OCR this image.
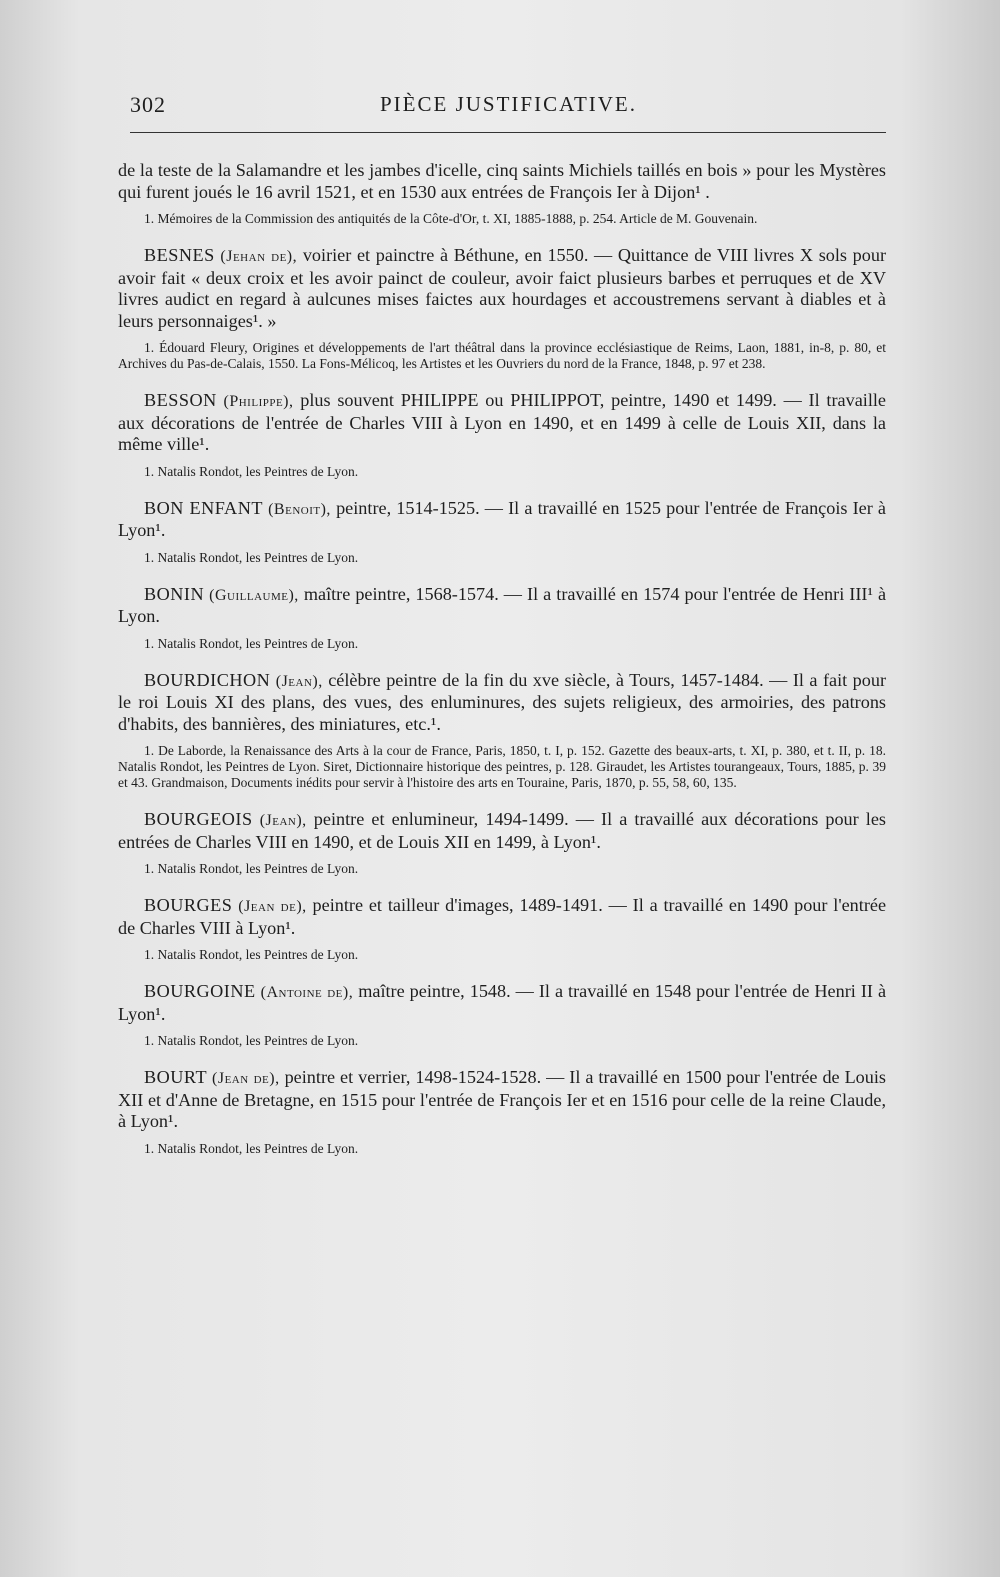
302	PIÈCE JUSTIFICATIVE.

de la teste de la Salamandre et les jambes d'icelle, cinq saints Michiels taillés en bois » pour les Mystères qui furent joués le 16 avril 1521, et en 1530 aux entrées de François Ier à Dijon¹ .

1. Mémoires de la Commission des antiquités de la Côte-d'Or, t. XI, 1885-1888, p. 254. Article de M. Gouvenain.

BESNES (Jehan de), voirier et painctre à Béthune, en 1550. — Quittance de VIII livres X sols pour avoir fait « deux croix et les avoir painct de couleur, avoir faict plusieurs barbes et perruques et de XV livres audict en regard à aulcunes mises faictes aux hourdages et accoustremens servant à diables et à leurs personnaiges¹. »

1. Édouard Fleury, Origines et développements de l'art théâtral dans la province ecclésiastique de Reims, Laon, 1881, in-8, p. 80, et Archives du Pas-de-Calais, 1550. La Fons-Mélicoq, les Artistes et les Ouvriers du nord de la France, 1848, p. 97 et 238.

BESSON (Philippe), plus souvent PHILIPPE ou PHILIPPOT, peintre, 1490 et 1499. — Il travaille aux décorations de l'entrée de Charles VIII à Lyon en 1490, et en 1499 à celle de Louis XII, dans la même ville¹.

1. Natalis Rondot, les Peintres de Lyon.

BON ENFANT (Benoit), peintre, 1514-1525. — Il a travaillé en 1525 pour l'entrée de François Ier à Lyon¹.

1. Natalis Rondot, les Peintres de Lyon.

BONIN (Guillaume), maître peintre, 1568-1574. — Il a travaillé en 1574 pour l'entrée de Henri III¹ à Lyon.

1. Natalis Rondot, les Peintres de Lyon.

BOURDICHON (Jean), célèbre peintre de la fin du xve siècle, à Tours, 1457-1484. — Il a fait pour le roi Louis XI des plans, des vues, des enluminures, des sujets religieux, des armoiries, des patrons d'habits, des bannières, des miniatures, etc.¹.

1. De Laborde, la Renaissance des Arts à la cour de France, Paris, 1850, t. I, p. 152. Gazette des beaux-arts, t. XI, p. 380, et t. II, p. 18. Natalis Rondot, les Peintres de Lyon. Siret, Dictionnaire historique des peintres, p. 128. Giraudet, les Artistes tourangeaux, Tours, 1885, p. 39 et 43. Grandmaison, Documents inédits pour servir à l'histoire des arts en Touraine, Paris, 1870, p. 55, 58, 60, 135.

BOURGEOIS (Jean), peintre et enlumineur, 1494-1499. — Il a travaillé aux décorations pour les entrées de Charles VIII en 1490, et de Louis XII en 1499, à Lyon¹.

1. Natalis Rondot, les Peintres de Lyon.

BOURGES (Jean de), peintre et tailleur d'images, 1489-1491. — Il a travaillé en 1490 pour l'entrée de Charles VIII à Lyon¹.

1. Natalis Rondot, les Peintres de Lyon.

BOURGOINE (Antoine de), maître peintre, 1548. — Il a travaillé en 1548 pour l'entrée de Henri II à Lyon¹.

1. Natalis Rondot, les Peintres de Lyon.

BOURT (Jean de), peintre et verrier, 1498-1524-1528. — Il a travaillé en 1500 pour l'entrée de Louis XII et d'Anne de Bretagne, en 1515 pour l'entrée de François Ier et en 1516 pour celle de la reine Claude, à Lyon¹.

1. Natalis Rondot, les Peintres de Lyon.
